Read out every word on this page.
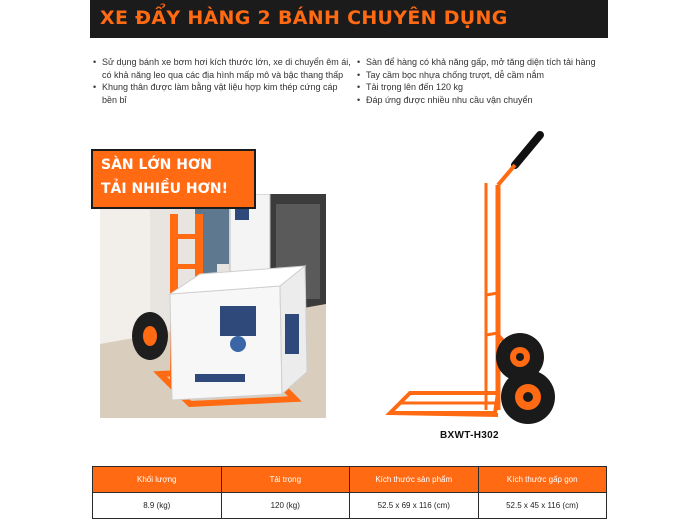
XE ĐẨY HÀNG 2 BÁNH CHUYÊN DỤNG
• Sử dụng bánh xe bơm hơi kích thước lớn, xe di chuyển êm ái, có khả năng leo qua các địa hình mấp mô và bậc thang thấp
• Khung thân được làm bằng vật liệu hợp kim thép cứng cáp bền bỉ
• Sàn để hàng có khả năng gấp, mở tăng diện tích tải hàng
• Tay cầm bọc nhựa chống trượt, dễ cầm nắm
• Tải trọng lên đến 120 kg
• Đáp ứng được nhiều nhu cầu vận chuyển
SÀN LỚN HƠN
TẢI NHIỀU HƠN!
BXWT-H302
Khối lượng	Tải trọng	Kích thước sản phẩm	Kích thước gấp gọn
8.9 (kg)	120 (kg)	52.5 x 69 x 116 (cm)	52.5 x 45 x 116 (cm)
